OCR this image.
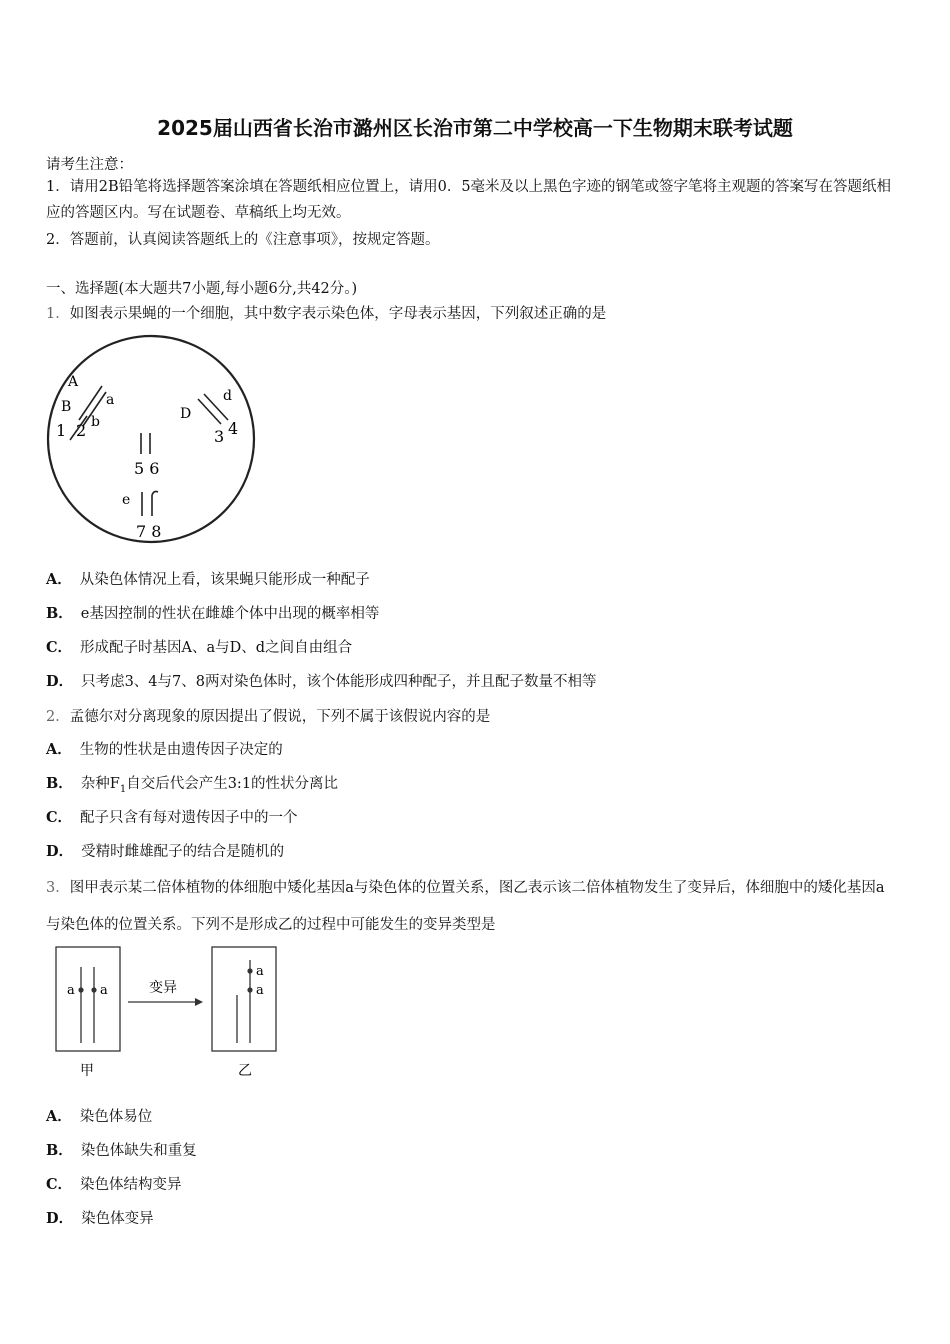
2025届山西省长治市潞州区长治市第二中学校高一下生物期末联考试题
请考生注意：
1．请用2B铅笔将选择题答案涂填在答题纸相应位置上，请用0．5毫米及以上黑色字迹的钢笔或签字笔将主观题的答案写在答题纸相应的答题区内。写在试题卷、草稿纸上均无效。
2．答题前，认真阅读答题纸上的《注意事项》，按规定答题。
一、选择题(本大题共7小题,每小题6分,共42分。)
1．如图表示果蝇的一个细胞，其中数字表示染色体，字母表示基因，下列叙述正确的是
A
B a
b
1 2
D
d
3 4
5 6
e
7 8
A． 从染色体情况上看，该果蝇只能形成一种配子
B． e基因控制的性状在雌雄个体中出现的概率相等
C． 形成配子时基因A、a与D、d之间自由组合
D． 只考虑3、4与7、8两对染色体时，该个体能形成四种配子，并且配子数量不相等
2．孟德尔对分离现象的原因提出了假说，下列不属于该假说内容的是
A． 生物的性状是由遗传因子决定的
B． 杂种$F_1$自交后代会产生3:1的性状分离比
C． 配子只含有每对遗传因子中的一个
D． 受精时雌雄配子的结合是随机的
3．图甲表示某二倍体植物的体细胞中矮化基因a与染色体的位置关系，图乙表示该二倍体植物发生了变异后，体细胞中的矮化基因a与染色体的位置关系。下列不是形成乙的过程中可能发生的变异类型是
a a
甲
变异
a
a
乙
A． 染色体易位
B． 染色体缺失和重复
C． 染色体结构变异
D． 染色体变异
